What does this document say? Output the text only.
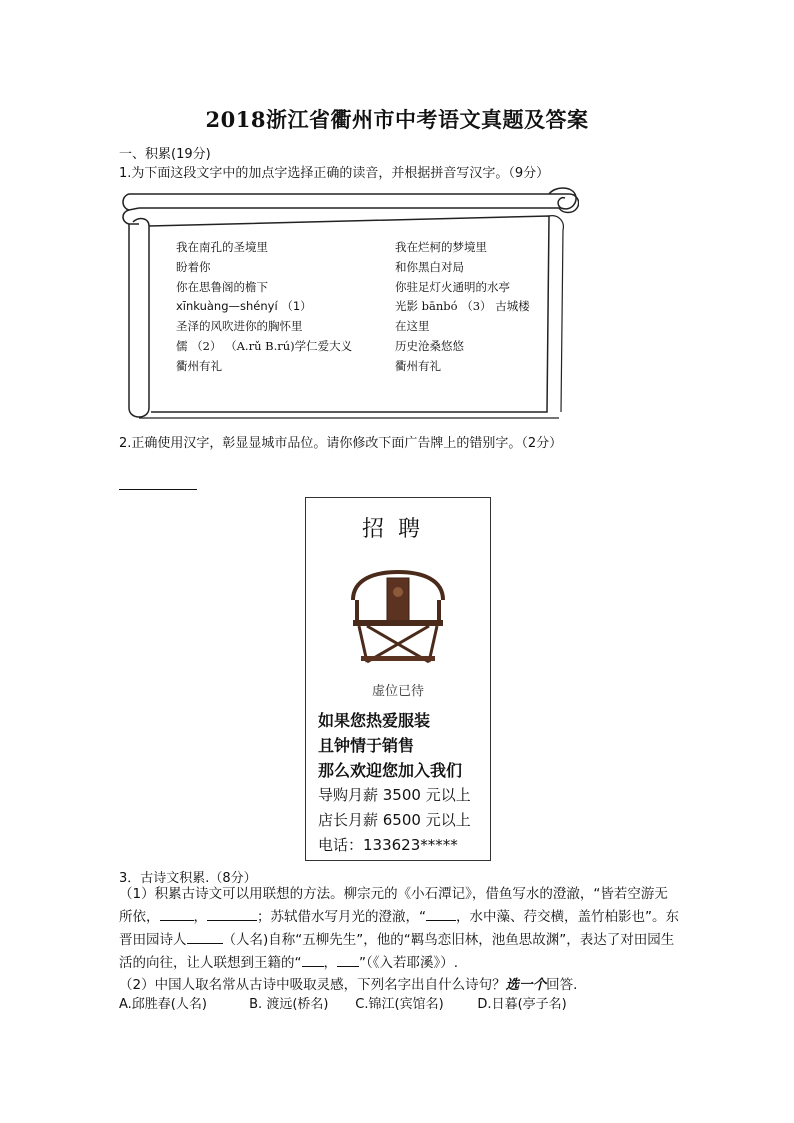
2018浙江省衢州市中考语文真题及答案
一、积累(19分)
1.为下面这段文字中的加点字选择正确的读音，并根据拼音写汉字。（9分）
我在南孔的圣境里
盼着你
你在思鲁阁的檐下
xīnkuàng—shényí （1）
圣泽的风吹进你的胸怀里
儒 （2） （A.rǔ B.rú)学仁爱大义
衢州有礼
我在烂柯的梦境里
和你黑白对局
你驻足灯火通明的水亭
光影 bānbó （3） 古城楼
在这里
历史沧桑悠悠
衢州有礼
2.正确使用汉字，彰显显城市品位。请你修改下面广告牌上的错别字。（2分）
招聘
虚位已待
如果您热爱服装
且钟情于销售
那么欢迎您加入我们
导购月薪 3500 元以上
店长月薪 6500 元以上
电话：133623*****
3．古诗文积累.（8分）
（1）积累古诗文可以用联想的方法。柳宗元的《小石潭记》，借鱼写水的澄澈，“皆若空游无所依，	，	；苏轼借水写月光的澄澈，“ ，水中藻、荇交横，盖竹柏影也”。东晋田园诗人	（人名)自称“五柳先生”，他的“羁鸟恋旧林，池鱼思故渊”，表达了对田园生活的向往，让人联想到王籍的“ ， ”（《入若耶溪》）.
（2）中国人取名常从古诗中吸取灵感，下列名字出自什么诗句？选一个回答.
A.邱胜春(人名)	B. 渡远(桥名) C.锦江(宾馆名)	D.日暮(亭子名)
